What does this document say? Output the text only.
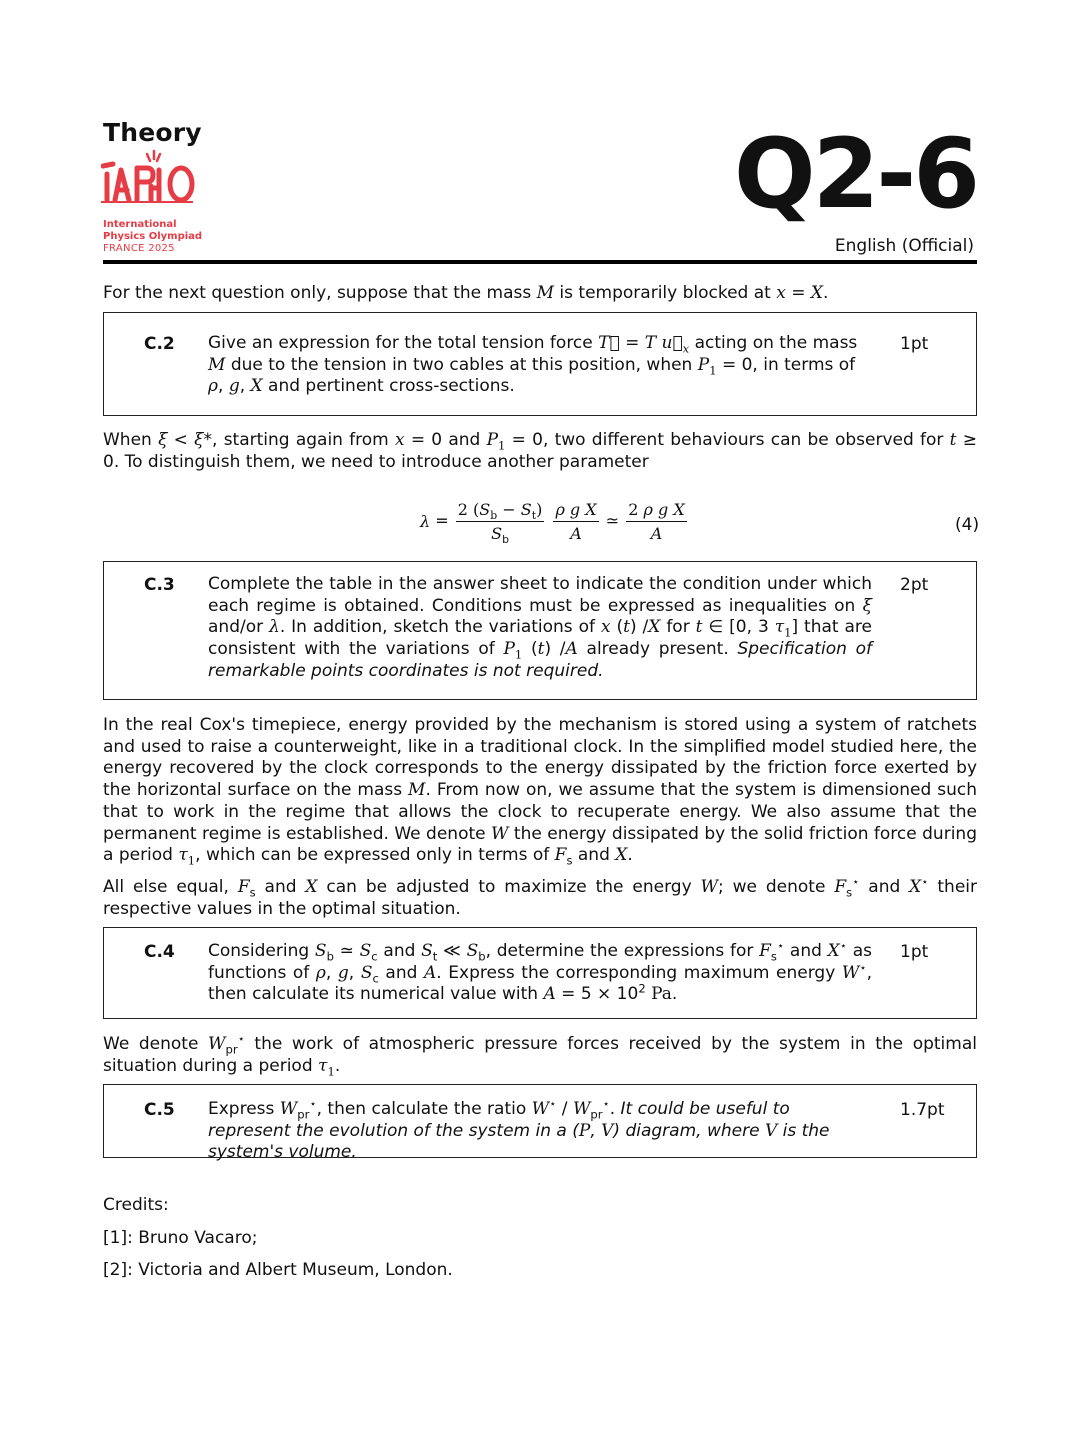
Theory
International
Physics Olympiad
FRANCE 2025
Q2-6
English (Official)
For the next question only, suppose that the mass M is temporarily blocked at x = X.
C.2 Give an expression for the total tension force T⃗ = T $u⃗_x$ acting on the mass M due to the tension in two cables at this position, when $P_1 = 0$, in terms of ρ, g, X and pertinent cross-sections.
1pt
When ξ < ξ*, starting again from x = 0 and $P_1 = 0$, two different behaviours can be observed for t ≥ 0. To distinguish them, we need to introduce another parameter
$\lambda = \frac{2 (S_b - S_t)}{S_b}$
$\frac{\text{ρ g X}}{A}$ ≃ $\frac{\text{2 ρ g X}}{A}$	(4)
C.3 Complete the table in the answer sheet to indicate the condition under which each regime is obtained. Conditions must be expressed as inequalities on ξ and/or λ. In addition, sketch the variations of x (t) /X for t ∈ [0, 3 $\tau_1$] that are consistent with the variations of $P_1$ (t) /A already present. Specification of remarkable points coordinates is not required.
2pt
In the real Cox's timepiece, energy provided by the mechanism is stored using a system of ratchets and used to raise a counterweight, like in a traditional clock. In the simplified model studied here, the energy recovered by the clock corresponds to the energy dissipated by the friction force exerted by the horizontal surface on the mass M. From now on, we assume that the system is dimensioned such that to work in the regime that allows the clock to recuperate energy. We also assume that the permanent regime is established. We denote W the energy dissipated by the solid friction force during a period $\tau_1$, which can be expressed only in terms of $F_s$ and X.
All else equal, $F_s$ and X can be adjusted to maximize the energy W; we denote $F_s^⋆$ and X⋆ their respective values in the optimal situation.
C.4 Considering $S_b$ ≃ $S_c$ and $S_t$ ≪ $S_b$, determine the expressions for $F_s^⋆$ and X⋆ as functions of ρ, g, $S_c$ and A. Express the corresponding maximum energy W⋆, then calculate its numerical value with $A = 5 \times 10^2$ Pa.
1pt
We denote $W_{pr}^⋆$ the work of atmospheric pressure forces received by the system in the optimal situation during a period $\tau_1$.
C.5 Express $W_{pr}^⋆$, then calculate the ratio $W^⋆ / W_{pr}^⋆$. It could be useful to represent the evolution of the system in a (P, V) diagram, where V is the system's volume.
1.7pt
Credits:
[1]: Bruno Vacaro;
[2]: Victoria and Albert Museum, London.
